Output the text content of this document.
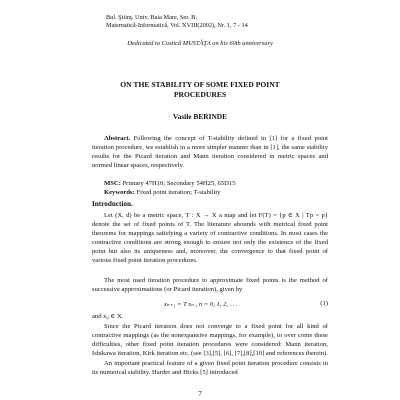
Bul. Ştiinţ. Univ. Baia Mare, Ser. B,
Matematică-Informatică, Vol. XVIII(2002), Nr. 1, 7 - 14
Dedicated to Costică MUSTĂŢA on his 60th anniversary
ON THE STABILITY OF SOME FIXED POINT
PROCEDURES
Vasile BERINDE
Abstract. Following the concept of T-stability defined in [1] for a fixed point iteration procedure, we establish in a more simpler manner than in [1], the same stability results for the Picard iteration and Mann iteration considered in metric spaces and normed linear spaces, respectively.
MSC: Primary 47H10; Secondary 54H25, 65D15
Keywords: Fixed point iteration; T-stability
Introduction.
Let (X, d) be a metric space, T : X → X a map and let F(T) = {p ∈ X | Tp = p} denote the set of fixed points of T. The literature abounds with metrical fixed point theorems for mappings satisfying a variety of contractive conditions. In most cases the contractive conditions are strong enough to ensure not only the existence of the fixed point but also its uniqueness and, moreover, the convergence to that fixed point of various fixed point iteration procedures.
The most used iteration procedure to approximate fixed points is the method of successive approximations (or Picard iteration), given by
xₙ₊₁ = T xₙ , n = 0, 1, 2, . . .	(1)
and x₀ ∈ X.
Since the Picard iteration does not converge to a fixed point for all kind of contractive mappings (as the nonexpansive mappings, for example), to over come these difficulties, other fixed point iteration procedures were considered: Mann iteration, Ishikawa iteration, Kirk iteration etc. (see [3],[5], [6], [7],[8],[10] and references therein).
An important practical feature of a given fixed point iteration procedure consists in its numerical stability. Harder and Hicks [5] introduced
7
